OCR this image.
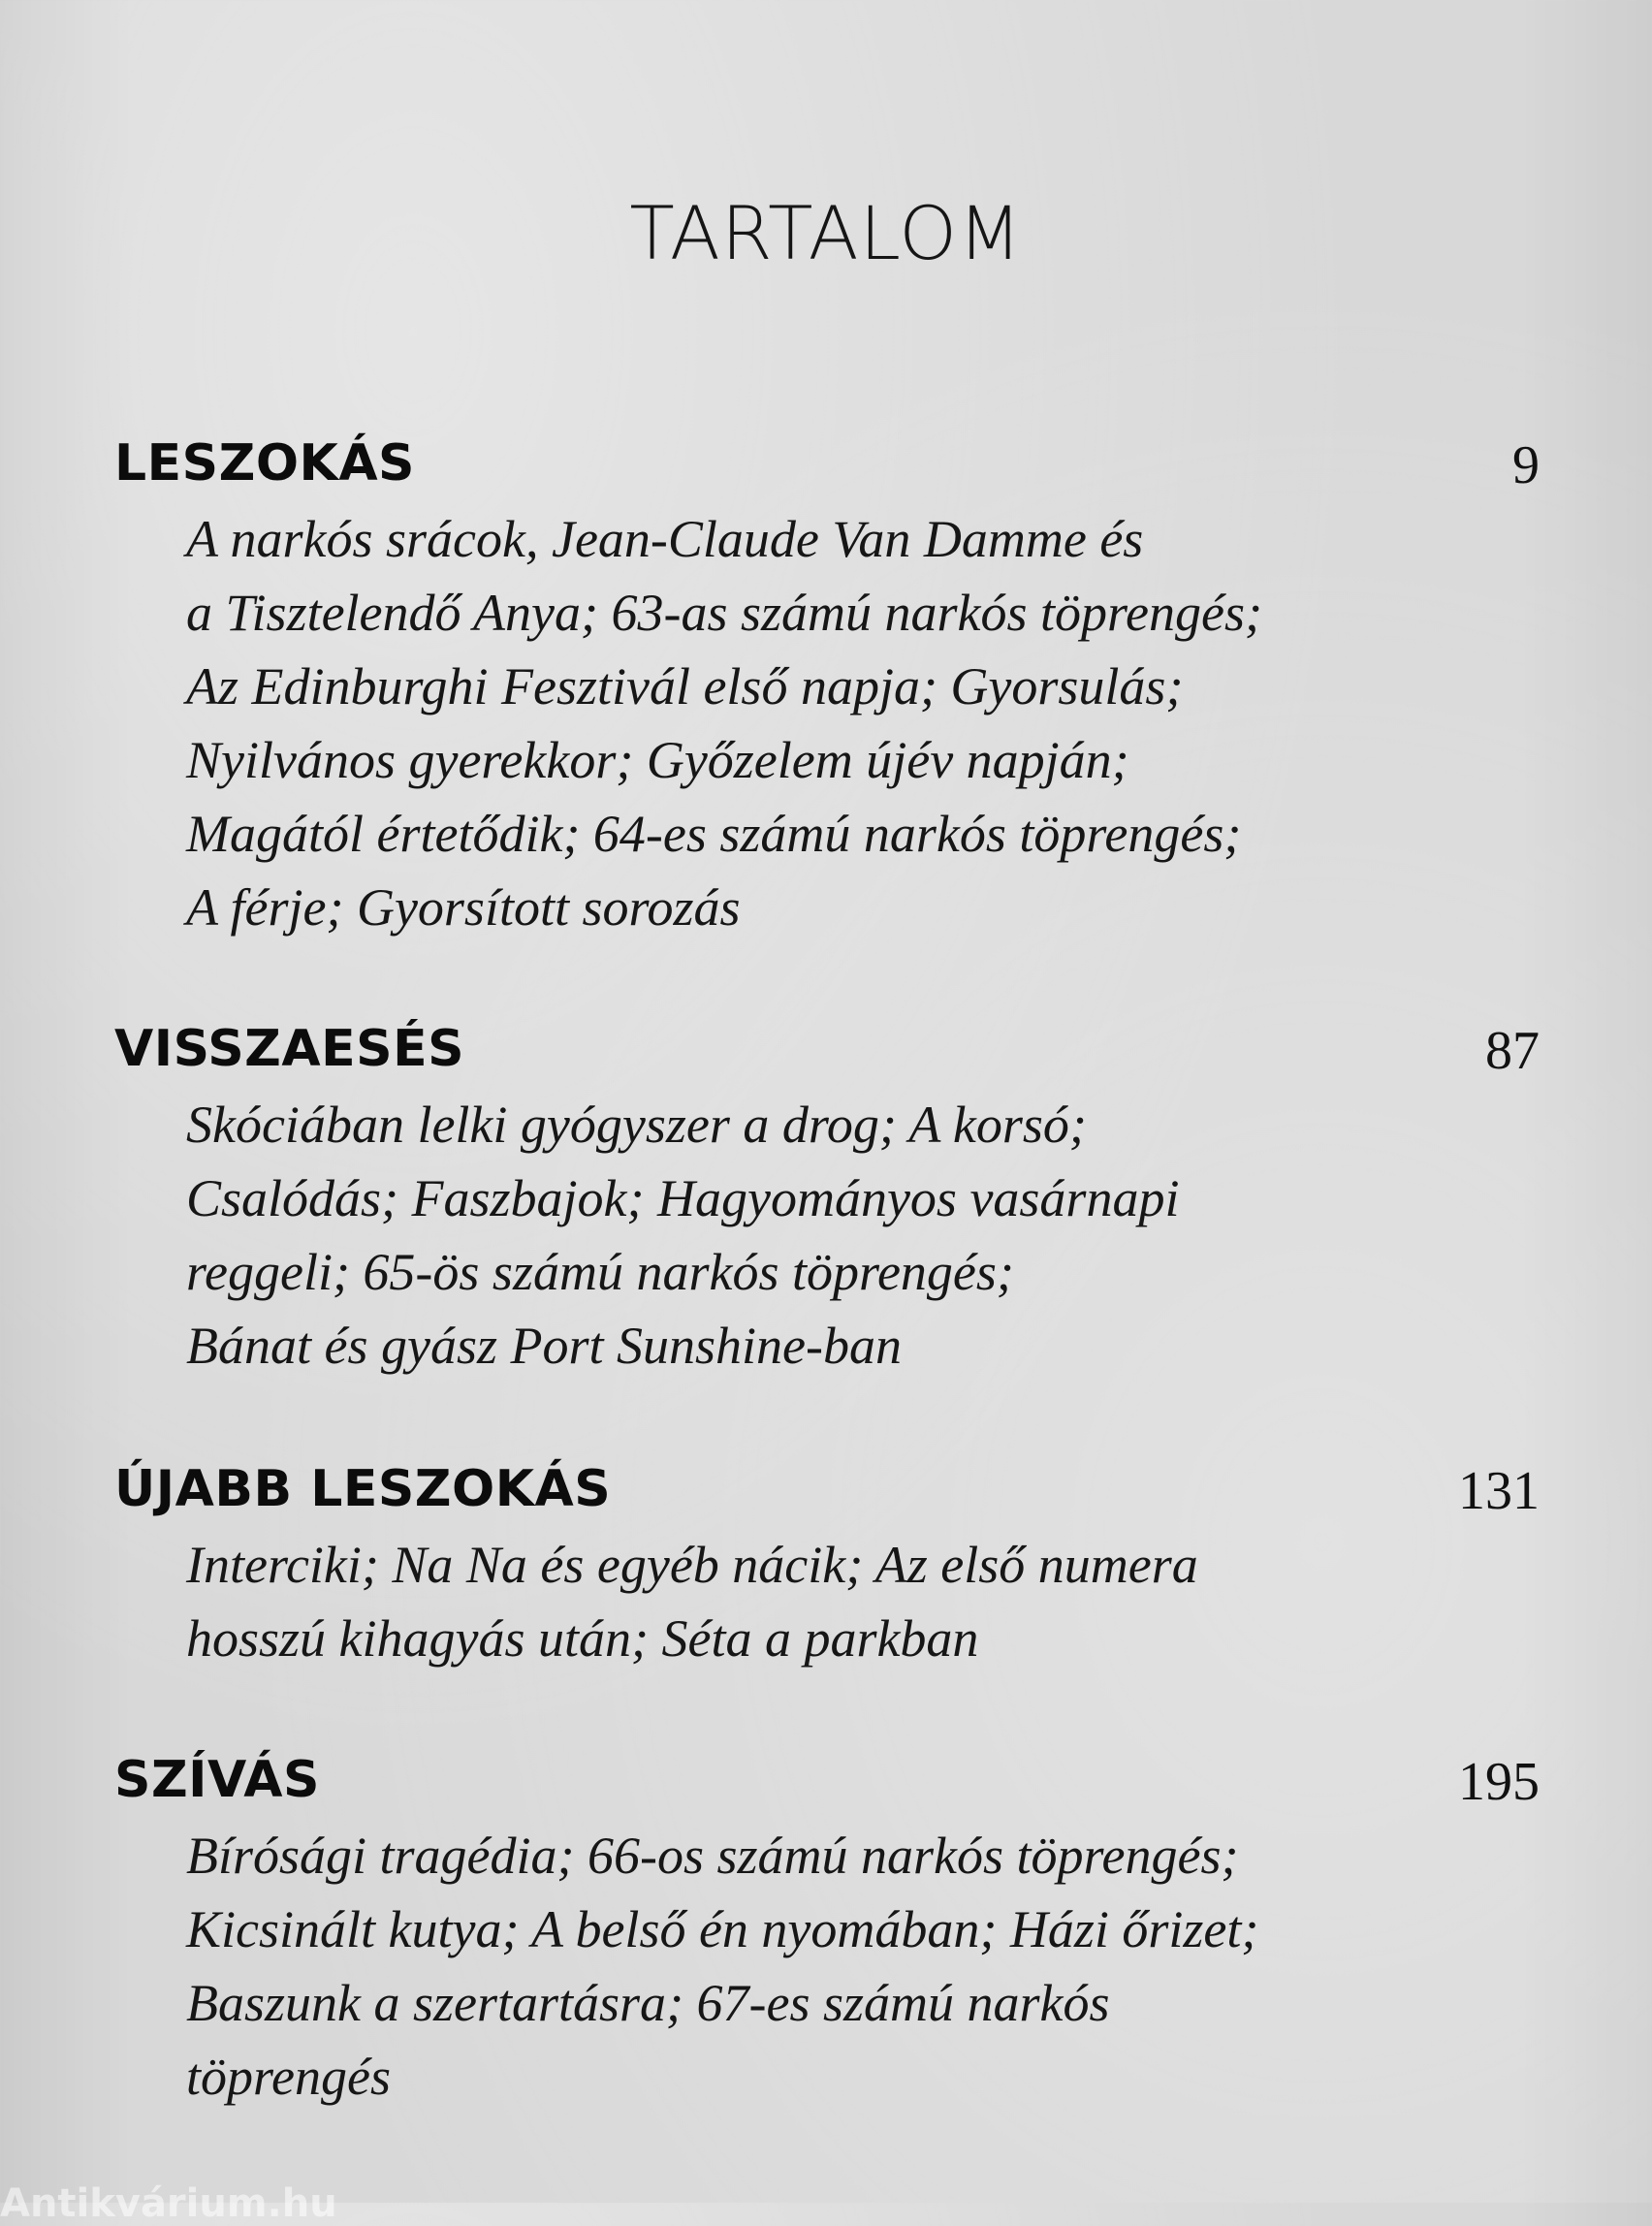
TARTALOM
LESZOKÁS	9
A narkós srácok, Jean-Claude Van Damme és
a Tisztelendő Anya; 63-as számú narkós töprengés;
Az Edinburghi Fesztivál első napja; Gyorsulás;
Nyilvános gyerekkor; Győzelem újév napján;
Magától értetődik; 64-es számú narkós töprengés;
A férje; Gyorsított sorozás
VISSZAESÉS	87
Skóciában lelki gyógyszer a drog; A korsó;
Csalódás; Faszbajok; Hagyományos vasárnapi
reggeli; 65-ös számú narkós töprengés;
Bánat és gyász Port Sunshine-ban
ÚJABB LESZOKÁS	131
Interciki; Na Na és egyéb nácik; Az első numera
hosszú kihagyás után; Séta a parkban
SZÍVÁS	195
Bírósági tragédia; 66-os számú narkós töprengés;
Kicsinált kutya; A belső én nyomában; Házi őrizet;
Baszunk a szertartásra; 67-es számú narkós
töprengés
Antikvárium.hu
